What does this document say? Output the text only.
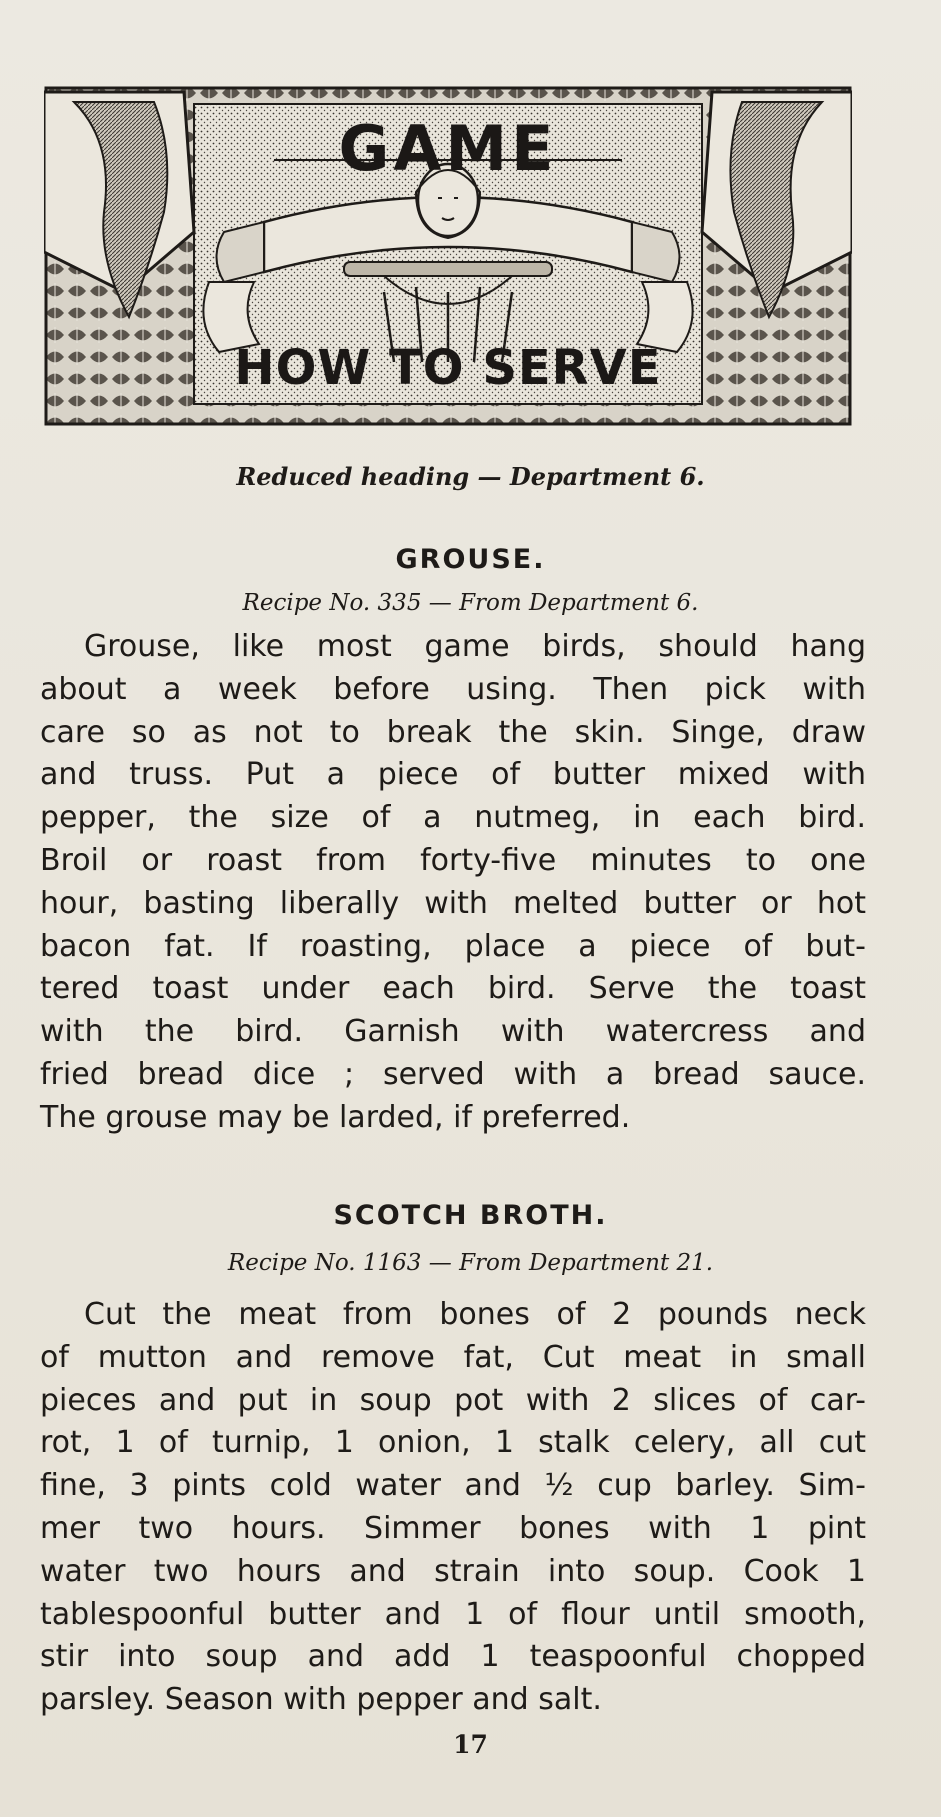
GAME
HOW TO SERVE
Reduced heading — Department 6.
GROUSE.
Recipe No. 335 — From Department 6.
Grouse, like most game birds, should hang
about a week before using. Then pick with
care so as not to break the skin. Singe, draw
and truss. Put a piece of butter mixed with
pepper, the size of a nutmeg, in each bird.
Broil or roast from forty-five minutes to one
hour, basting liberally with melted butter or hot
bacon fat. If roasting, place a piece of but-
tered toast under each bird. Serve the toast
with the bird. Garnish with watercress and
fried bread dice ; served with a bread sauce.
The grouse may be larded, if preferred.
SCOTCH BROTH.
Recipe No. 1163 — From Department 21.
Cut the meat from bones of 2 pounds neck
of mutton and remove fat, Cut meat in small
pieces and put in soup pot with 2 slices of car-
rot, 1 of turnip, 1 onion, 1 stalk celery, all cut
fine, 3 pints cold water and ½ cup barley. Sim-
mer two hours. Simmer bones with 1 pint
water two hours and strain into soup. Cook 1
tablespoonful butter and 1 of flour until smooth,
stir into soup and add 1 teaspoonful chopped
parsley. Season with pepper and salt.
17
